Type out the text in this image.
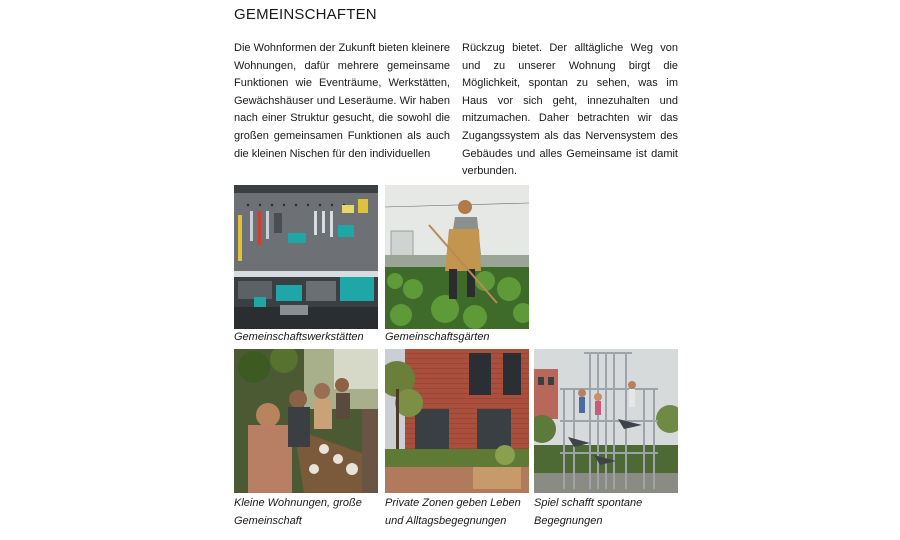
GEMEINSCHAFTEN

Die Wohnformen der Zukunft bieten kleinere Wohnungen, dafür mehrere gemeinsame Funktionen wie Eventräume, Werkstätten, Gewächshäuser und Leseräume. Wir haben nach einer Struktur gesucht, die sowohl die großen gemeinsamen Funktionen als auch die kleinen Nischen für den individuellen

Rückzug bietet. Der alltägliche Weg von und zu unserer Wohnung birgt die Möglichkeit, spontan zu sehen, was im Haus vor sich geht, innezuhalten und mitzumachen. Daher betrachten wir das Zugangssystem als das Nervensystem des Gebäudes und alles Gemeinsame ist damit verbunden.

Gemeinschaftswerkstätten	Gemeinschaftsgärten

Kleine Wohnungen, große Gemeinschaft

Private Zonen geben Leben und Alltagsbegegnungen

Spiel schafft spontane Begegnungen
